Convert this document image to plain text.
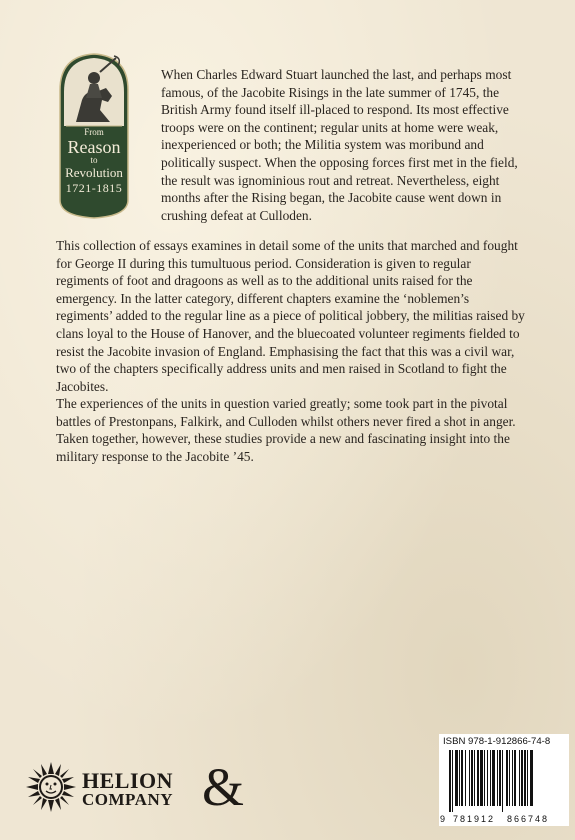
From
Reason
to
Revolution
1721-1815

When Charles Edward Stuart launched the last, and perhaps most famous, of the Jacobite Risings in the late summer of 1745, the British Army found itself ill-placed to respond. Its most effective troops were on the continent; regular units at home were weak, inexperienced or both; the Militia system was moribund and politically suspect. When the opposing forces first met in the field, the result was ignominious rout and retreat. Nevertheless, eight months after the Rising began, the Jacobite cause went down in crushing defeat at Culloden.

This collection of essays examines in detail some of the units that marched and fought for George II during this tumultuous period. Consideration is given to regular regiments of foot and dragoons as well as to the additional units raised for the emergency. In the latter category, different chapters examine the ‘noblemen’s regiments’ added to the regular line as a piece of political jobbery, the militias raised by clans loyal to the House of Hanover, and the bluecoated volunteer regiments fielded to resist the Jacobite invasion of England. Emphasising the fact that this was a civil war, two of the chapters specifically address units and men raised in Scotland to fight the Jacobites.

The experiences of the units in question varied greatly; some took part in the pivotal battles of Prestonpans, Falkirk, and Culloden whilst others never fired a shot in anger. Taken together, however, these studies provide a new and fascinating insight into the military response to the Jacobite ’45.

HELION
COMPANY &
ISBN 978-1-912866-74-8
9 781912 866748
